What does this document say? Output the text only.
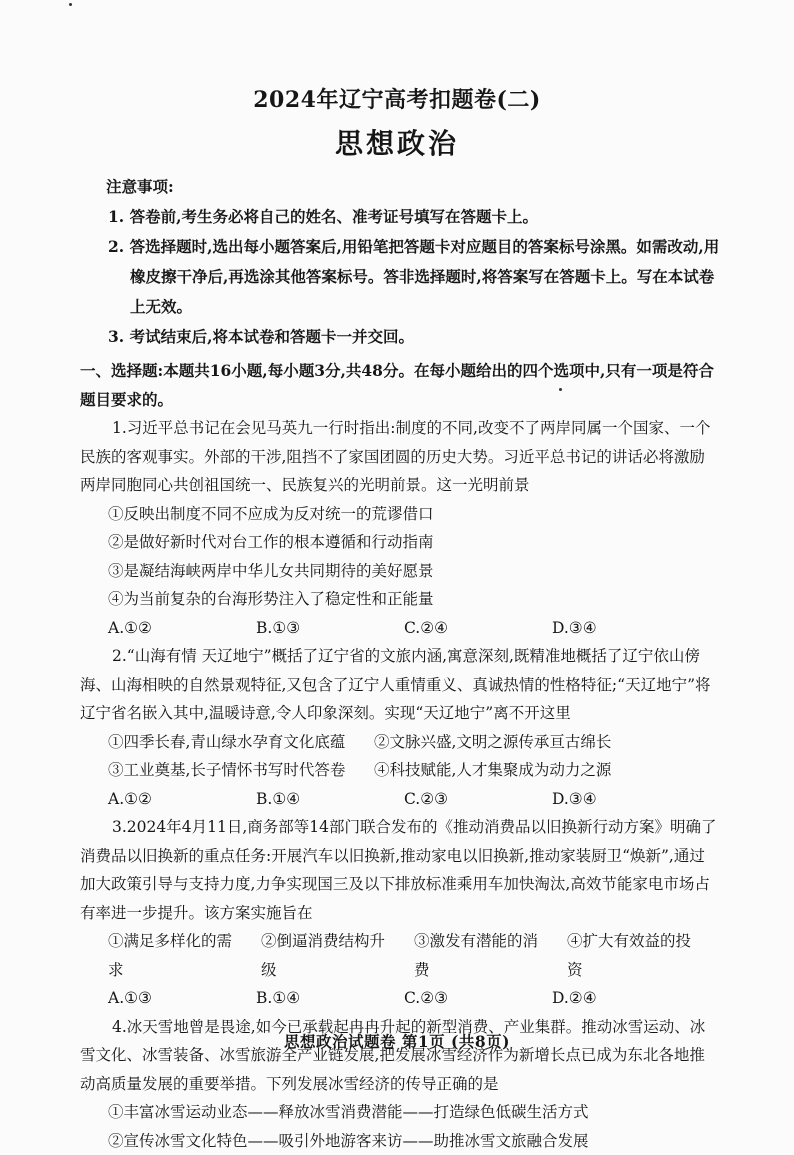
2024年辽宁高考扣题卷(二)
思想政治
注意事项:
1. 答卷前,考生务必将自己的姓名、准考证号填写在答题卡上。
2. 答选择题时,选出每小题答案后,用铅笔把答题卡对应题目的答案标号涂黑。如需改动,用橡皮擦干净后,再选涂其他答案标号。答非选择题时,将答案写在答题卡上。写在本试卷上无效。
3. 考试结束后,将本试卷和答题卡一并交回。
一、选择题:本题共16小题,每小题3分,共48分。在每小题给出的四个选项中,只有一项是符合题目要求的。
1.习近平总书记在会见马英九一行时指出:制度的不同,改变不了两岸同属一个国家、一个民族的客观事实。外部的干涉,阻挡不了家国团圆的历史大势。习近平总书记的讲话必将激励两岸同胞同心共创祖国统一、民族复兴的光明前景。这一光明前景
①反映出制度不同不应成为反对统一的荒谬借口
②是做好新时代对台工作的根本遵循和行动指南
③是凝结海峡两岸中华儿女共同期待的美好愿景
④为当前复杂的台海形势注入了稳定性和正能量
A.①②	B.①③	C.②④	D.③④
2.“山海有情 天辽地宁”概括了辽宁省的文旅内涵,寓意深刻,既精准地概括了辽宁依山傍海、山海相映的自然景观特征,又包含了辽宁人重情重义、真诚热情的性格特征;“天辽地宁”将辽宁省名嵌入其中,温暖诗意,令人印象深刻。实现“天辽地宁”离不开这里
①四季长春,青山绿水孕育文化底蕴	②文脉兴盛,文明之源传承亘古绵长
③工业奠基,长子情怀书写时代答卷	④科技赋能,人才集聚成为动力之源
A.①②	B.①④	C.②③	D.③④
3.2024年4月11日,商务部等14部门联合发布的《推动消费品以旧换新行动方案》明确了消费品以旧换新的重点任务:开展汽车以旧换新,推动家电以旧换新,推动家装厨卫“焕新”,通过加大政策引导与支持力度,力争实现国三及以下排放标准乘用车加快淘汰,高效节能家电市场占有率进一步提升。该方案实施旨在
①满足多样化的需求
②倒逼消费结构升级
③激发有潜能的消费
④扩大有效益的投资
A.①③	B.①④	C.②③	D.②④
4.冰天雪地曾是畏途,如今已承载起冉冉升起的新型消费、产业集群。推动冰雪运动、冰雪文化、冰雪装备、冰雪旅游全产业链发展,把发展冰雪经济作为新增长点已成为东北各地推动高质量发展的重要举措。下列发展冰雪经济的传导正确的是
①丰富冰雪运动业态——释放冰雪消费潜能——打造绿色低碳生活方式
②宣传冰雪文化特色——吸引外地游客来访——助推冰雪文旅融合发展
思想政治试题卷 第1页 (共8页)
